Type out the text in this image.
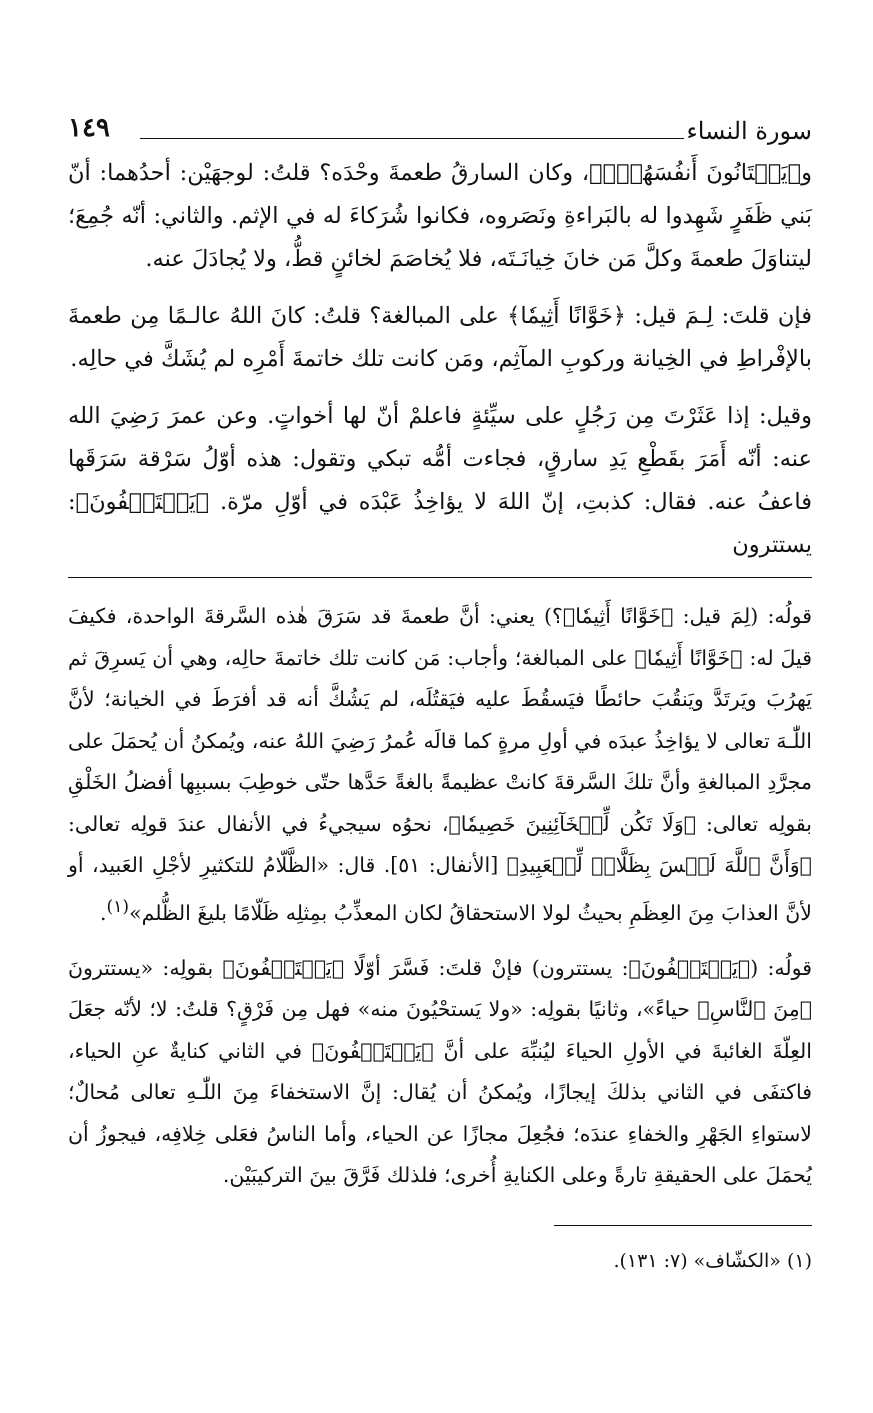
سورة النساء
١٤٩

و﴿يَخۡتَانُونَ أَنفُسَهُمۡۚ﴾، وكان السارقُ طعمةَ وحْدَه؟ قلتُ: لوجهَيْن: أحدُهما: أنّ بَني ظَفَرٍ شَهِدوا له بالبَراءةِ ونَصَروه، فكانوا شُرَكاءَ له في الإثم. والثاني: أنّه جُمِعَ؛ ليتناوَلَ طعمةَ وكلَّ مَن خانَ خِيانَـتَه، فلا يُخاصَمَ لخائنٍ قطُّ، ولا يُجادَلَ عنه.

فإن قلتَ: لِـمَ قيل: ﴿خَوَّانًا أَثِيمٗا﴾ على المبالغة؟ قلتُ: كانَ اللهُ عالـمًا مِن طعمةَ بالإفْراطِ في الخِيانة وركوبِ المآثِم، ومَن كانت تلك خاتمةَ أَمْرِه لم يُشَكَّ في حالِه.

وقيل: إذا عَثَرْتَ مِن رَجُلٍ على سيِّئةٍ فاعلمْ أنّ لها أخواتٍ. وعن عمرَ رَضِيَ الله عنه: أنّه أَمَرَ بقَطْعِ يَدِ سارقٍ، فجاءت أمُّه تبكي وتقول: هذه أوّلُ سَرْقة سَرَقَها فاعفُ عنه. فقال: كذبتِ، إنّ اللهَ لا يؤاخِذُ عَبْدَه في أوّلِ مرّة. ﴿يَسۡتَخۡفُونَ﴾: يستترون

قولُه: (لِمَ قيل: ﴿خَوَّانًا أَثِيمٗا﴾؟) يعني: أنَّ طعمةَ قد سَرَقَ هٰذه السَّرقةَ الواحدة، فكيفَ قيلَ له: ﴿خَوَّانًا أَثِيمٗا﴾ على المبالغة؛ وأجاب: مَن كانت تلك خاتمةَ حالِه، وهي أن يَسرِقَ ثم يَهرُبَ ويَرتَدَّ ويَنقُبَ حائطًا فيَسقُطَ عليه فيَقتُلَه، لم يَشُكَّ أنه قد أفرَطَ في الخيانة؛ لأنَّ اللّٰـهَ تعالى لا يؤاخِذُ عبدَه في أولِ مرةٍ كما قالَه عُمرُ رَضِيَ اللهُ عنه، ويُمكنُ أن يُحمَلَ على مجرَّدِ المبالغةِ وأنَّ تلكَ السَّرقةَ كانتْ عظيمةً بالغةً حَدَّها حتّى خوطِبَ بسببِها أفضلُ الخَلْقِ بقولِه تعالى: ﴿وَلَا تَكُن لِّلۡخَآئِنِينَ خَصِيمٗا﴾، نحوُه سيجيءُ في الأنفال عندَ قولِه تعالى: ﴿وَأَنَّ ٱللَّهَ لَيۡسَ بِظَلَّامٖ لِّلۡعَبِيدِ﴾ [الأنفال: ٥١]. قال: «الظَّلّامُ للتكثيرِ لأجْلِ العَبيد، أو لأنَّ العذابَ مِنَ العِظَمِ بحيثُ لولا الاستحقاقُ لكان المعذِّبُ بمِثلِه ظَلّامًا بليغَ الظُّلم»$^{(١)}$.

قولُه: (﴿يَسۡتَخۡفُونَ﴾: يستترون) فإنْ قلتَ: فَسَّرَ أوّلًا ﴿يَسۡتَخۡفُونَ﴾ بقولِه: «يستترونَ ﴿مِنَ ٱلنَّاسِ﴾ حياءً»، وثانيًا بقولِه: «ولا يَستحْيُونَ منه» فهل مِن فَرْقٍ؟ قلتُ: لا؛ لأنّه جعَلَ العِلّةَ الغائبةَ في الأولِ الحياءَ ليُنبِّهَ على أنَّ ﴿يَسۡتَخۡفُونَ﴾ في الثاني كنايةٌ عنِ الحياء، فاكتفَى في الثاني بذلكَ إيجازًا، ويُمكنُ أن يُقال: إنَّ الاستخفاءَ مِنَ اللّٰـهِ تعالى مُحالٌ؛ لاستواءِ الجَهْرِ والخفاءِ عندَه؛ فجُعِلَ مجازًا عن الحياء، وأما الناسُ فعَلى خِلافِه، فيجوزُ أن يُحمَلَ على الحقيقةِ تارةً وعلى الكنايةِ أُخرى؛ فلذلك فَرَّقَ بينَ التركيبَيْن.

(١) «الكشّاف» (٧: ١٣١).
